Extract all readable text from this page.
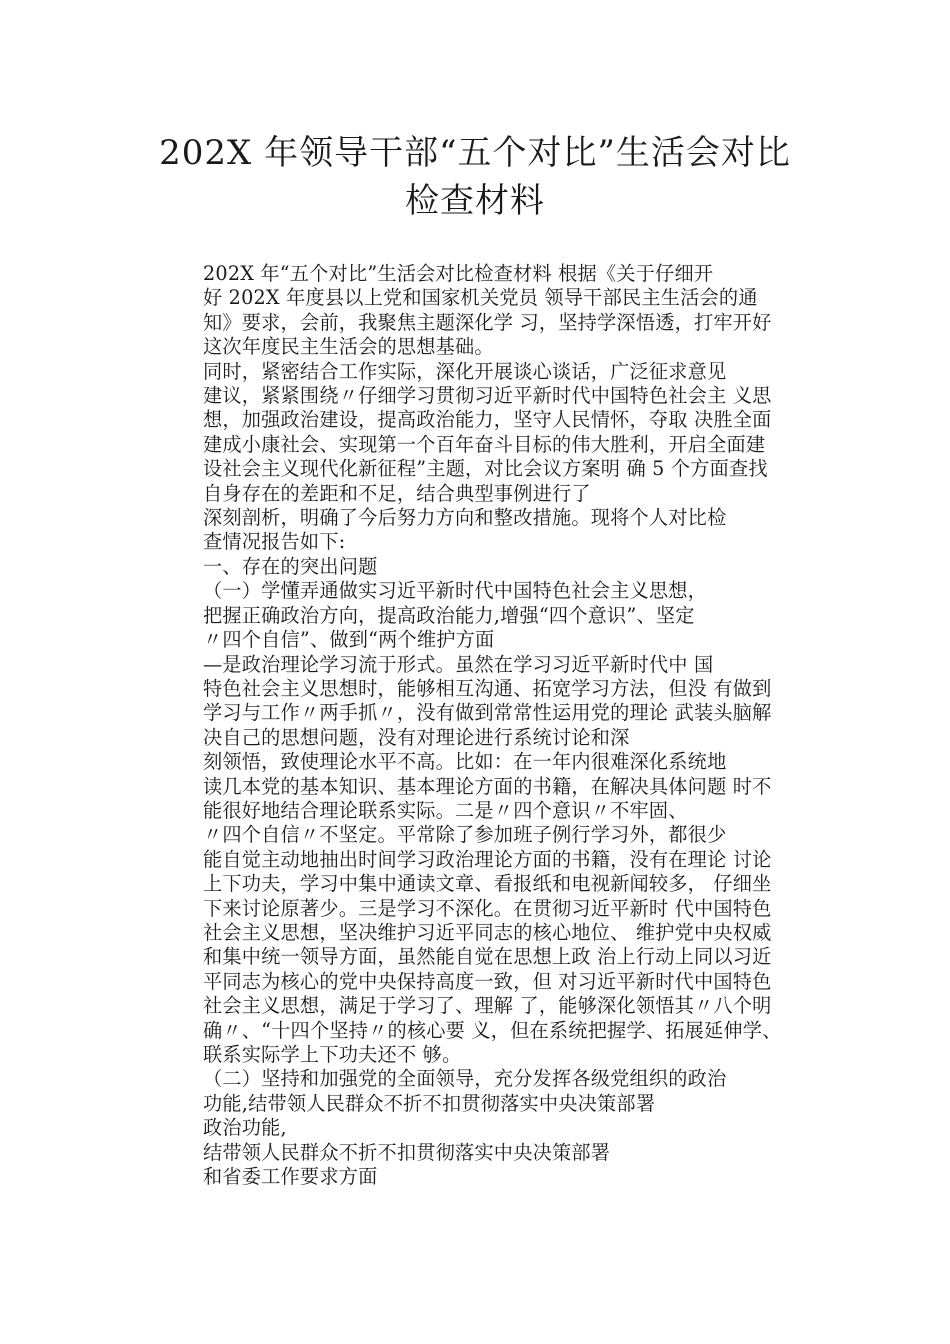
202X 年领导干部“五个对比”生活会对比
检查材料

202X 年“五个对比”生活会对比检查材料 根据《关于仔细开
好 202X 年度县以上党和国家机关党员 领导干部民主生活会的通
知》要求，会前，我聚焦主题深化学 习，坚持学深悟透，打牢开好
这次年度民主生活会的思想基础。

同时，紧密结合工作实际，深化开展谈心谈话，广泛征求意见
建议，紧紧围绕〃仔细学习贯彻习近平新时代中国特色社会主 义思
想，加强政治建设，提高政治能力，坚守人民情怀，夺取 决胜全面
建成小康社会、实现第一个百年奋斗目标的伟大胜利，开启全面建
设社会主义现代化新征程”主题，对比会议方案明 确 5 个方面查找
自身存在的差距和不足，结合典型事例进行了

深刻剖析，明确了今后努力方向和整改措施。现将个人对比检
查情况报告如下:

一、存在的突出问题

（一）学懂弄通做实习近平新时代中国特色社会主义思想，

把握正确政治方向，提高政治能力,增强“四个意识”、坚定
〃四个自信”、做到“两个维护方面

—是政治理论学习流于形式。虽然在学习习近平新时代中 国
特色社会主义思想时，能够相互沟通、拓宽学习方法，但没 有做到
学习与工作〃两手抓〃，没有做到常常性运用党的理论 武装头脑解
决自己的思想问题，没有对理论进行系统讨论和深

刻领悟，致使理论水平不高。比如：在一年内很难深化系统地
读几本党的基本知识、基本理论方面的书籍，在解决具体问题 时不
能很好地结合理论联系实际。二是〃四个意识〃不牢固、

〃四个自信〃不坚定。平常除了参加班子例行学习外，都很少
能自觉主动地抽出时间学习政治理论方面的书籍，没有在理论 讨论
上下功夫，学习中集中通读文章、看报纸和电视新闻较多， 仔细坐
下来讨论原著少。三是学习不深化。在贯彻习近平新时 代中国特色
社会主义思想，坚决维护习近平同志的核心地位、 维护党中央权威
和集中统一领导方面，虽然能自觉在思想上政 治上行动上同以习近
平同志为核心的党中央保持高度一致，但 对习近平新时代中国特色
社会主义思想，满足于学习了、理解 了，能够深化领悟其〃八个明
确〃、“十四个坚持〃的核心要 义，但在系统把握学、拓展延伸学、
联系实际学上下功夫还不 够。

（二）坚持和加强党的全面领导，充分发挥各级党组织的政治
功能,结带领人民群众不折不扣贯彻落实中央决策部署

政治功能,

结带领人民群众不折不扣贯彻落实中央决策部署

和省委工作要求方面
